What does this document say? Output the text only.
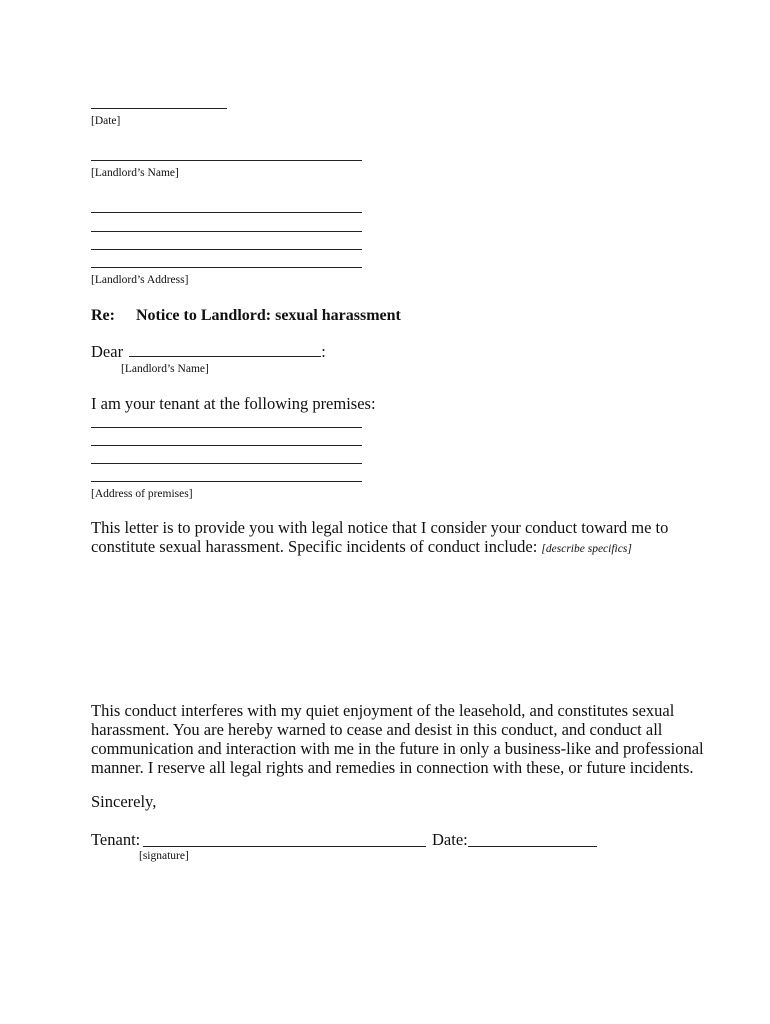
[Date]
[Landlord’s Name]
[Landlord’s Address]
Re: Notice to Landlord: sexual harassment
Dear	:
[Landlord’s Name]
I am your tenant at the following premises:
[Address of premises]
This letter is to provide you with legal notice that I consider your conduct toward me to
constitute sexual harassment. Specific incidents of conduct include: [describe specifics]
This conduct interferes with my quiet enjoyment of the leasehold, and constitutes sexual
harassment. You are hereby warned to cease and desist in this conduct, and conduct all
communication and interaction with me in the future in only a business-like and professional
manner. I reserve all legal rights and remedies in connection with these, or future incidents.
Sincerely,
Tenant:	Date:
[signature]
